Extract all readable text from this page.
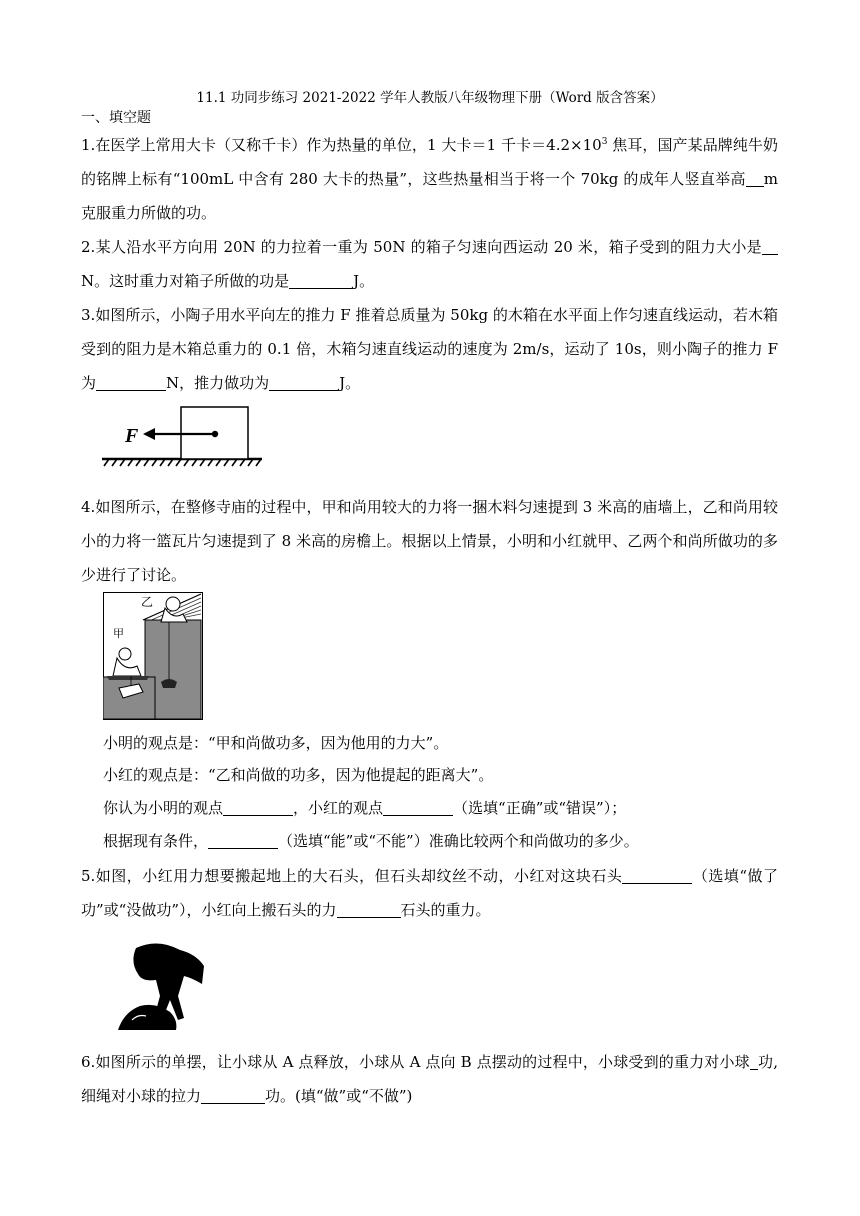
11.1 功同步练习 2021-2022 学年人教版八年级物理下册（Word 版含答案）
一、填空题
1.在医学上常用大卡（又称千卡）作为热量的单位，1 大卡＝1 千卡$=4.2\times 10^3$ 焦耳，国产某品牌纯牛奶的铭牌上标有“100mL 中含有 280 大卡的热量”，这些热量相当于将一个 70kg 的成年人竖直举高 m 克服重力所做的功。
2.某人沿水平方向用 20N 的力拉着一重为 50N 的箱子匀速向西运动 20 米，箱子受到的阻力大小是N。这时重力对箱子所做的功是	J。
3.如图所示，小陶子用水平向左的推力 F 推着总质量为 50kg 的木箱在水平面上作匀速直线运动，若木箱受到的阻力是木箱总重力的 0.1 倍，木箱匀速直线运动的速度为 2m/s，运动了 10s，则小陶子的推力 F 为	N，推力做功为	J。
F
4.如图所示，在整修寺庙的过程中，甲和尚用较大的力将一捆木料匀速提到 3 米高的庙墙上，乙和尚用较小的力将一篮瓦片匀速提到了 8 米高的房檐上。根据以上情景，小明和小红就甲、乙两个和尚所做功的多少进行了讨论。
乙
甲
小明的观点是：“甲和尚做功多，因为他用的力大”。
小红的观点是：“乙和尚做的功多，因为他提起的距离大”。
你认为小明的观点	，小红的观点	（选填“正确”或“错误”）；
根据现有条件，	（选填“能”或“不能”）准确比较两个和尚做功的多少。
5.如图，小红用力想要搬起地上的大石头，但石头却纹丝不动，小红对这块石头	（选填“做了功”或“没做功”），小红向上搬石头的力	石头的重力。
6.如图所示的单摆，让小球从 A 点释放，小球从 A 点向 B 点摆动的过程中，小球受到的重力对小球 功,细绳对小球的拉力	功。(填“做”或“不做”)
